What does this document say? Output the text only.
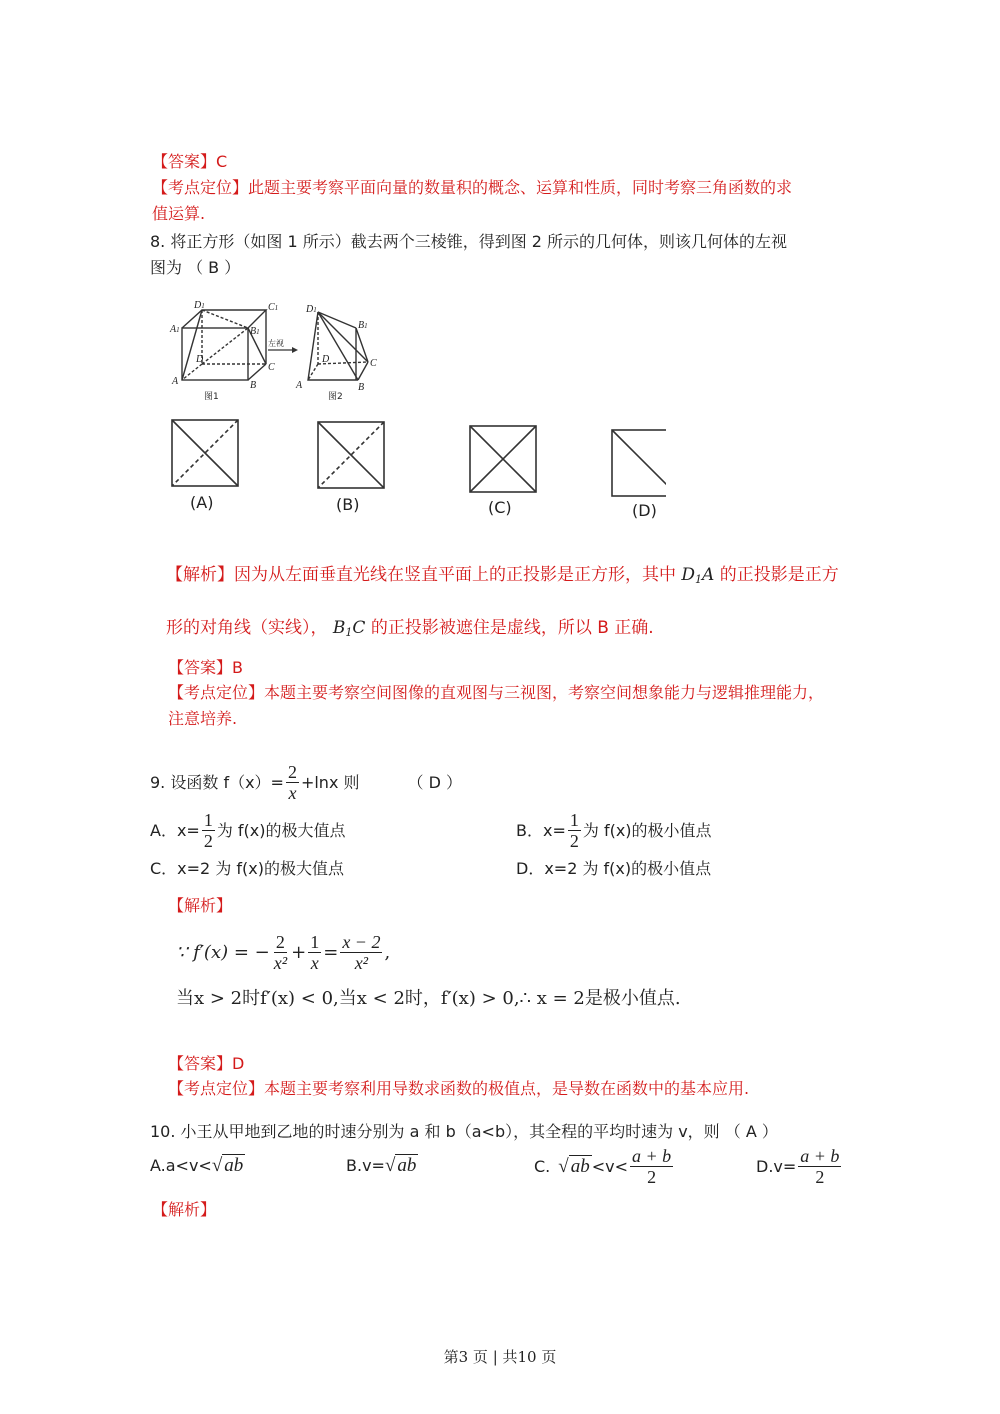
【答案】C
【考点定位】此题主要考察平面向量的数量积的概念、运算和性质，同时考察三角函数的求
值运算.
8. 将正方形（如图 1 所示）截去两个三棱锥，得到图 2 所示的几何体，则该几何体的左视
图为 （ B ）
D1	C1
A1	B1
D
C
A	B
图1
左视
D1
B1
D	C
A	B
图2
(A)	(B)	(C)	(D)
【解析】因为从左面垂直光线在竖直平面上的正投影是正方形，其中 $D_1A$ 的正投影是正方
形的对角线（实线）， $B_1C$ 的正投影被遮住是虚线，所以 B 正确.
【答案】B
【考点定位】本题主要考察空间图像的直观图与三视图，考察空间想象能力与逻辑推理能力，
注意培养.
9. 设函数 $f(x)= \frac{2}{x} +\ln x$ 则	（ D ）
A．$x= \frac{1}{2}$ 为 f(x)的极大值点	B．$x= \frac{1}{2}$ 为 f(x)的极小值点
C．x=2 为 f(x)的极大值点	D．x=2 为 f(x)的极小值点
【解析】
∵ f′(x) = − $\frac{2}{\text{x²}} + \frac{1}{x} = \frac{x - 2}{\text{x²}}$ ,
当x > 2时f′(x) < 0,当x < 2时，f′(x) > 0,∴ x = 2是极小值点.
【答案】D
【考点定位】本题主要考察利用导数求函数的极值点，是导数在函数中的基本应用.
10. 小王从甲地到乙地的时速分别为 a 和 b（a<b），其全程的平均时速为 v，则 （ A ）
A.a<v< √ ab	B.v= √ ab	C. √ ab $<v< \frac{a + b}{2}$	$D.v= \frac{a + b}{2}$
【解析】
第3 页 | 共10 页
